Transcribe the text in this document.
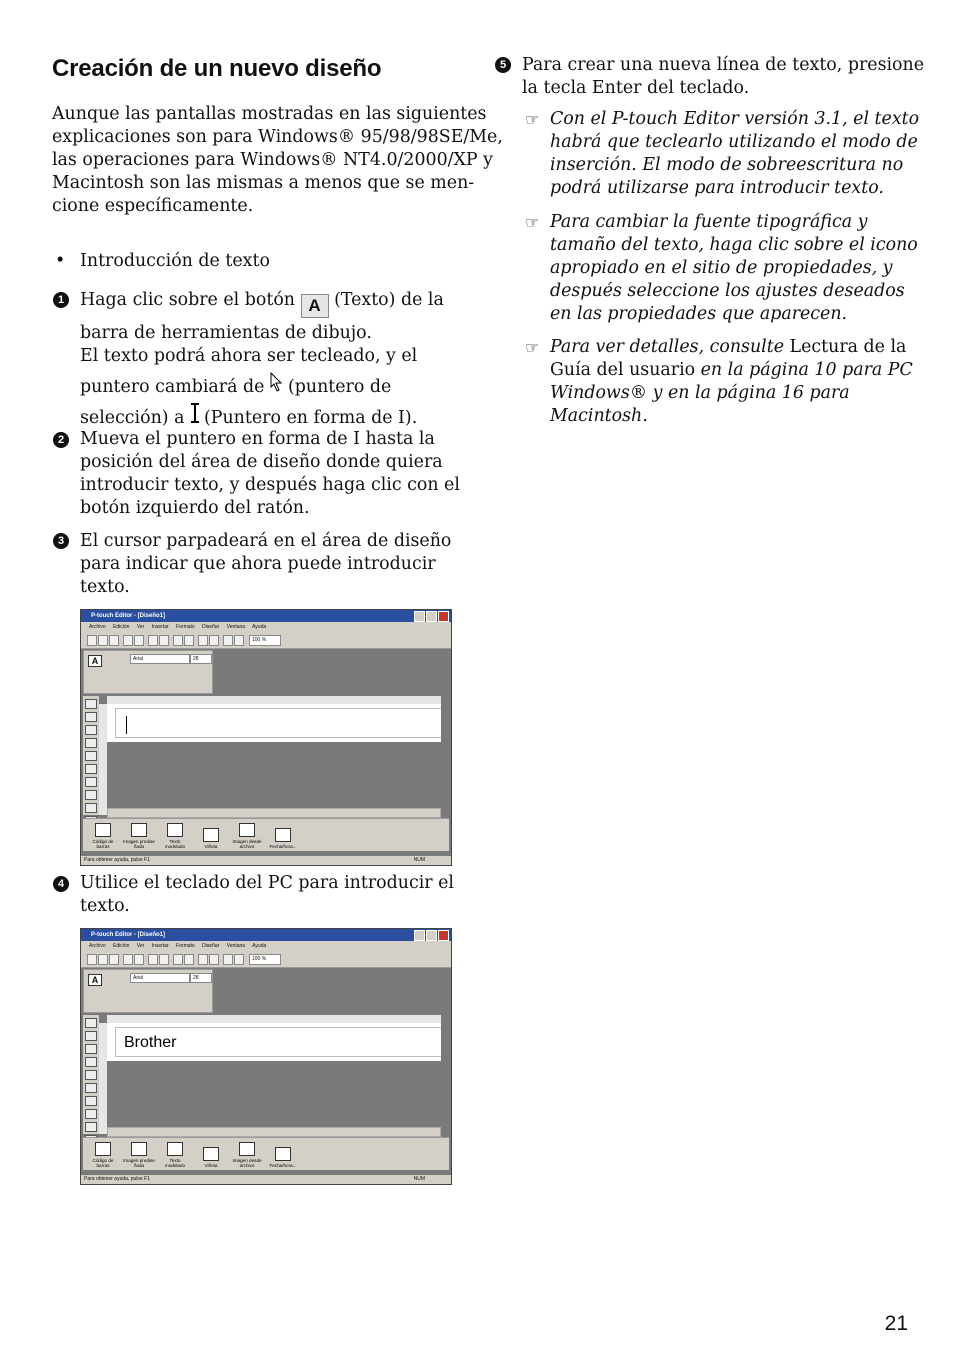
Creación de un nuevo diseño
Aunque las pantallas mostradas en las siguientes
explicaciones son para Windows® 95/98/98SE/Me,
las operaciones para Windows® NT4.0/2000/XP y
Macintosh son las mismas a menos que se men-
cione específicamente.
• Introducción de texto
1 Haga clic sobre el botón A (Texto) de la
barra de herramientas de dibujo.
El texto podrá ahora ser tecleado, y el
puntero cambiará de (puntero de
selección) a (Puntero en forma de I).
2 Mueva el puntero en forma de I hasta la
posición del área de diseño donde quiera
introducir texto, y después haga clic con el
botón izquierdo del ratón.
3 El cursor parpadeará en el área de diseño
para indicar que ahora puede introducir
texto.
P-touch Editor - [Diseño1]
Archivo Edición Ver Insertar Formato Diseñar Ventana Ayuda
100 %
A	Arial	28
Código de barras
Imagen predise ñada
Texto modelado	Viñeta
Imagen desde archivo	Fecha/hora...
Para obtener ayuda, pulse F1	NUM
4 Utilice el teclado del PC para introducir el
texto.
P-touch Editor - [Diseño1]
Archivo Edición Ver Insertar Formato Diseñar Ventana Ayuda
100 %
A	Arial	28
Brother
Código de barras
Imagen predise ñada
Texto modelado	Viñeta
Imagen desde archivo	Fecha/hora...
Para obtener ayuda, pulse F1	NUM
5 Para crear una nueva línea de texto, presione
la tecla Enter del teclado.
☞ Con el P-touch Editor versión 3.1, el texto
habrá que teclearlo utilizando el modo de
inserción. El modo de sobreescritura no
podrá utilizarse para introducir texto.
☞ Para cambiar la fuente tipográfica y
tamaño del texto, haga clic sobre el icono
apropiado en el sitio de propiedades, y
después seleccione los ajustes deseados
en las propiedades que aparecen.
☞ Para ver detalles, consulte Lectura de la
Guía del usuario en la página 10 para PC
Windows® y en la página 16 para
Macintosh.
21
